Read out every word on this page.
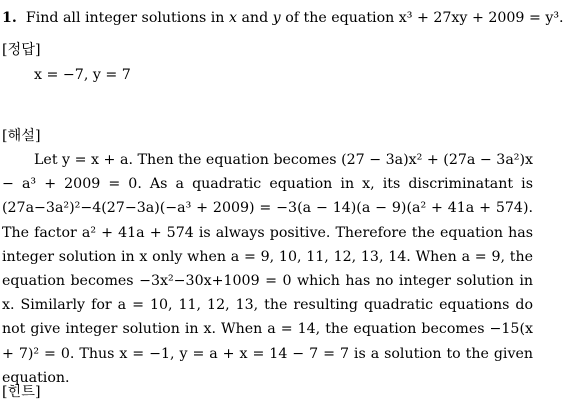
1. Find all integer solutions in x and y of the equation x³ + 27xy + 2009 = y³.
[정답]
x = −7, y = 7
[해설]

Let y = x + a. Then the equation becomes (27 − 3a)x² + (27a − 3a²)x − a³ + 2009 = 0. As a quadratic equation in x, its discriminatant is (27a−3a²)²−4(27−3a)(−a³ + 2009) = −3(a − 14)(a − 9)(a² + 41a + 574). The factor a² + 41a + 574 is always positive. Therefore the equation has integer solution in x only when a = 9, 10, 11, 12, 13, 14. When a = 9, the equation becomes −3x²−30x+1009 = 0 which has no integer solution in x. Similarly for a = 10, 11, 12, 13, the resulting quadratic equations do not give integer solution in x. When a = 14, the equation becomes −15(x + 7)² = 0. Thus x = −1, y = a + x = 14 − 7 = 7 is a solution to the given equation.

[힌트]
